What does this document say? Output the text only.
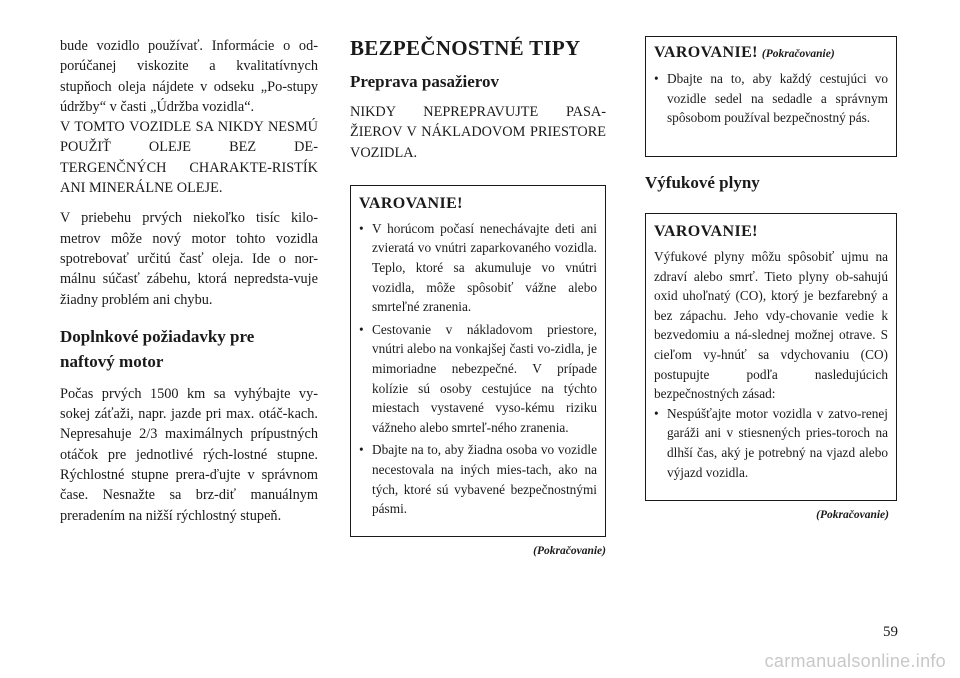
bude vozidlo používať. Informácie o od-porúčanej viskozite a kvalitatívnych stupňoch oleja nájdete v odseku „Po-stupy údržby“ v časti „Údržba vozidla“.

V TOMTO VOZIDLE SA NIKDY NESMÚ POUŽIŤ OLEJE BEZ DE-TERGENČNÝCH CHARAKTE-RISTÍK ANI MINERÁLNE OLEJE.

V priebehu prvých niekoľko tisíc kilo-metrov môže nový motor tohto vozidla spotrebovať určitú časť oleja. Ide o nor-málnu súčasť zábehu, ktorá nepredsta-vuje žiadny problém ani chybu.

Doplnkové požiadavky pre
naftový motor

Počas prvých 1500 km sa vyhýbajte vy-sokej záťaži, napr. jazde pri max. otáč-kach. Nepresahuje 2/3 maximálnych prípustných otáčok pre jednotlivé rých-lostné stupne. Rýchlostné stupne prera-ďujte v správnom čase. Nesnažte sa brz-diť manuálnym preradením na nižší rýchlostný stupeň.

BEZPEČNOSTNÉ TIPY
Preprava pasažierov

NIKDY NEPREPRAVUJTE PASA-ŽIEROV V NÁKLADOVOM PRIESTORE VOZIDLA.

VAROVANIE!
• V horúcom počasí nenechávajte deti ani zvieratá vo vnútri zaparkovaného vozidla. Teplo, ktoré sa akumuluje vo vnútri vozidla, môže spôsobiť vážne alebo smrteľné zranenia.
• Cestovanie v nákladovom priestore, vnútri alebo na vonkajšej časti vo-zidla, je mimoriadne nebezpečné. V prípade kolízie sú osoby cestujúce na týchto miestach vystavené vyso-kému riziku vážneho alebo smrteľ-ného zranenia.
• Dbajte na to, aby žiadna osoba vo vozidle necestovala na iných mies-tach, ako na tých, ktoré sú vybavené bezpečnostnými pásmi.
(Pokračovanie)
VAROVANIE! (Pokračovanie)
• Dbajte na to, aby každý cestujúci vo vozidle sedel na sedadle a správnym spôsobom používal bezpečnostný pás.
Výfukové plyny
VAROVANIE!
Výfukové plyny môžu spôsobiť ujmu na zdraví alebo smrť. Tieto plyny ob-sahujú oxid uhoľnatý (CO), ktorý je bezfarebný a bez zápachu. Jeho vdy-chovanie vedie k bezvedomiu a ná-slednej možnej otrave. S cieľom vy-hnúť sa vdychovaniu (CO) postupujte podľa nasledujúcich bezpečnostných zásad:
• Nespúšťajte motor vozidla v zatvo-renej garáži ani v stiesnených pries-toroch na dlhší čas, aký je potrebný na vjazd alebo výjazd vozidla.
(Pokračovanie)
59
carmanualsonline.info
